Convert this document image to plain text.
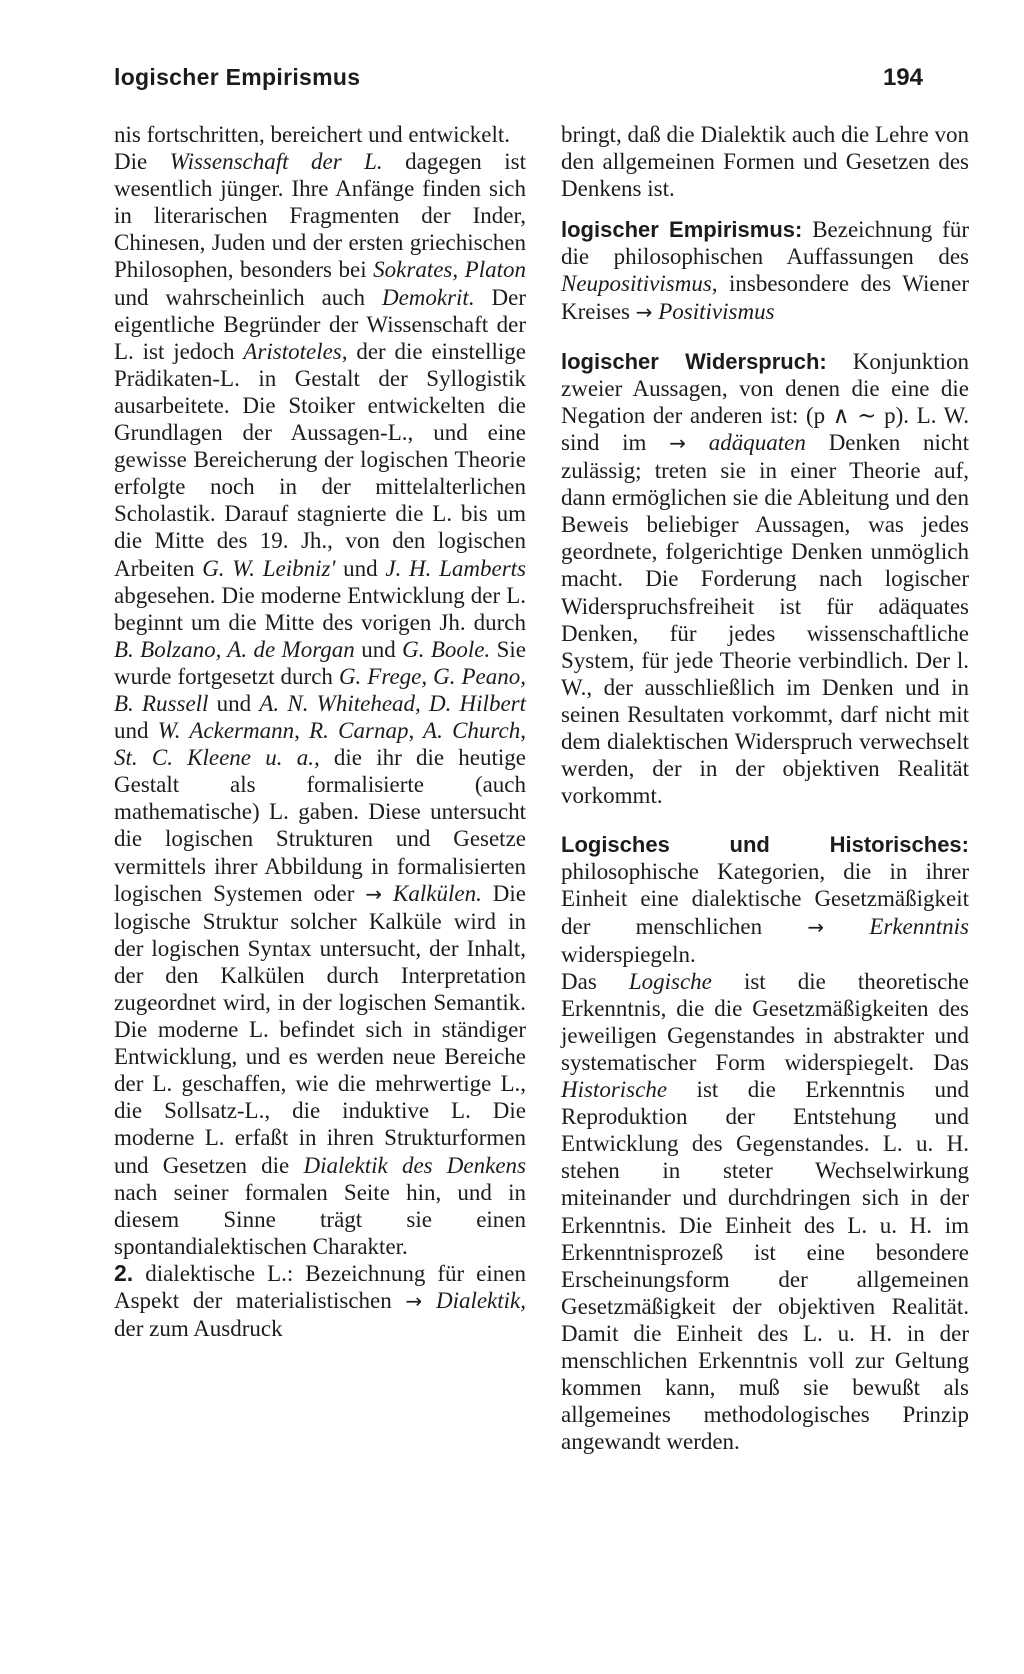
logischer Empirismus	194

nis fortschritten, bereichert und entwickelt.

Die Wissenschaft der L. dagegen ist wesentlich jünger. Ihre Anfänge finden sich in literarischen Fragmenten der Inder, Chinesen, Juden und der ersten griechischen Philosophen, besonders bei Sokrates, Platon und wahrscheinlich auch Demokrit. Der eigentliche Begründer der Wissenschaft der L. ist jedoch Aristoteles, der die einstellige Prädikaten-L. in Gestalt der Syllogistik ausarbeitete. Die Stoiker entwickelten die Grundlagen der Aussagen-L., und eine gewisse Bereicherung der logischen Theorie erfolgte noch in der mittelalterlichen Scholastik. Darauf stagnierte die L. bis um die Mitte des 19. Jh., von den logischen Arbeiten G. W. Leibniz' und J. H. Lamberts abgesehen. Die moderne Entwicklung der L. beginnt um die Mitte des vorigen Jh. durch B. Bolzano, A. de Morgan und G. Boole. Sie wurde fortgesetzt durch G. Frege, G. Peano, B. Russell und A. N. Whitehead, D. Hilbert und W. Ackermann, R. Carnap, A. Church, St. C. Kleene u. a., die ihr die heutige Gestalt als formalisierte (auch mathematische) L. gaben. Diese untersucht die logischen Strukturen und Gesetze vermittels ihrer Abbildung in formalisierten logischen Systemen oder → Kalkülen. Die logische Struktur solcher Kalküle wird in der logischen Syntax untersucht, der Inhalt, der den Kalkülen durch Interpretation zugeordnet wird, in der logischen Semantik. Die moderne L. befindet sich in ständiger Entwicklung, und es werden neue Bereiche der L. geschaffen, wie die mehrwertige L., die Sollsatz-L., die induktive L. Die moderne L. erfaßt in ihren Strukturformen und Gesetzen die Dialektik des Denkens nach seiner formalen Seite hin, und in diesem Sinne trägt sie einen spontandialektischen Charakter.

2. dialektische L.: Bezeichnung für einen Aspekt der materialistischen → Dialektik, der zum Ausdruck

bringt, daß die Dialektik auch die Lehre von den allgemeinen Formen und Gesetzen des Denkens ist.

logischer Empirismus: Bezeichnung für die philosophischen Auffassungen des Neupositivismus, insbesondere des Wiener Kreises → Positivismus

logischer Widerspruch: Konjunktion zweier Aussagen, von denen die eine die Negation der anderen ist: (p ∧ ∼ p). L. W. sind im → adäquaten Denken nicht zulässig; treten sie in einer Theorie auf, dann ermöglichen sie die Ableitung und den Beweis beliebiger Aussagen, was jedes geordnete, folgerichtige Denken unmöglich macht. Die Forderung nach logischer Widerspruchsfreiheit ist für adäquates Denken, für jedes wissenschaftliche System, für jede Theorie verbindlich. Der l. W., der ausschließlich im Denken und in seinen Resultaten vorkommt, darf nicht mit dem dialektischen Widerspruch verwechselt werden, der in der objektiven Realität vorkommt.

Logisches und Historisches: philosophische Kategorien, die in ihrer Einheit eine dialektische Gesetzmäßigkeit der menschlichen → Erkenntnis widerspiegeln.

Das Logische ist die theoretische Erkenntnis, die die Gesetzmäßigkeiten des jeweiligen Gegenstandes in abstrakter und systematischer Form widerspiegelt. Das Historische ist die Erkenntnis und Reproduktion der Entstehung und Entwicklung des Gegenstandes. L. u. H. stehen in steter Wechselwirkung miteinander und durchdringen sich in der Erkenntnis. Die Einheit des L. u. H. im Erkenntnisprozeß ist eine besondere Erscheinungsform der allgemeinen Gesetzmäßigkeit der objektiven Realität. Damit die Einheit des L. u. H. in der menschlichen Erkenntnis voll zur Geltung kommen kann, muß sie bewußt als allgemeines methodologisches Prinzip angewandt werden.
